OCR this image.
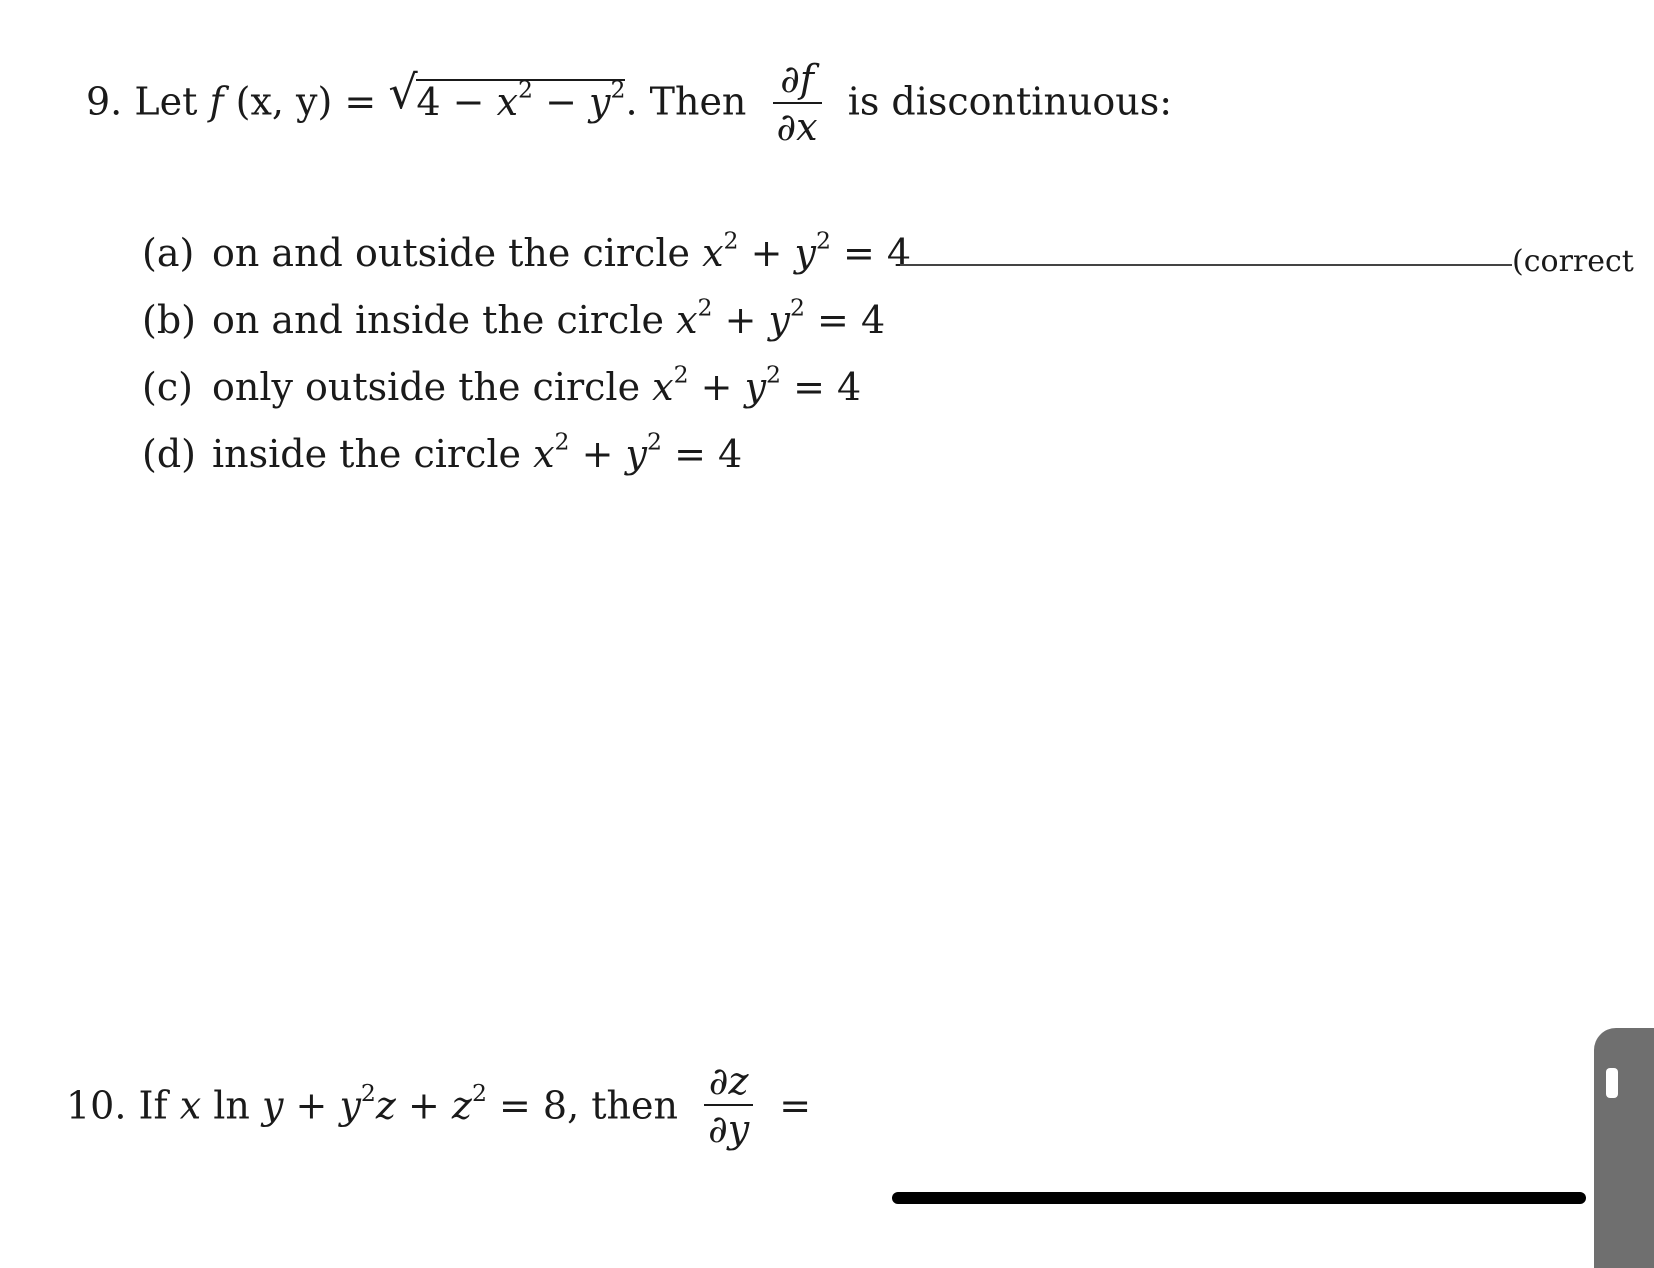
9. Let f (x, y) = √
$4 - x^2 - y^2$. Then $\frac{\partial f}{\partial x}$ is discontinuous:
(a) on and outside the circle $x^2 + y^2 = 4$	(correct
(b) on and inside the circle $x^2 + y^2 = 4$
(c) only outside the circle $x^2 + y^2 = 4$
(d) inside the circle $x^2 + y^2 = 4$
10. If x $\ln y + y^2z + z^2 = 8$, then $\frac{\partial z}{\partial y}$ =
